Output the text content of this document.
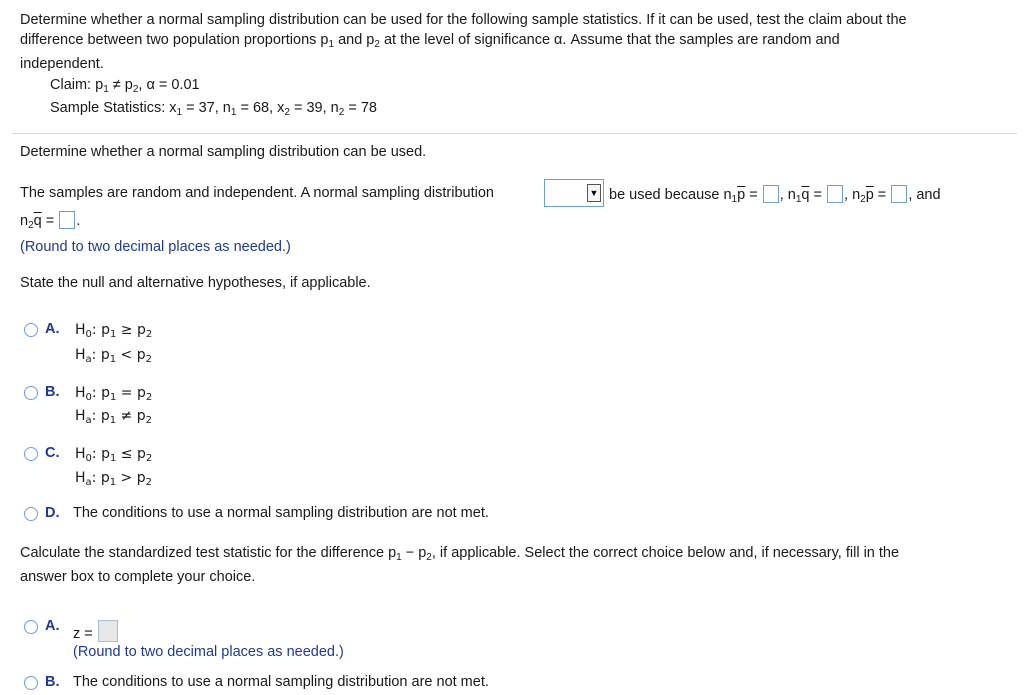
Determine whether a normal sampling distribution can be used for the following sample statistics. If it can be used, test the claim about the
difference between two population proportions $p_1$ and $p_2$ at the level of significance α. Assume that the samples are random and
independent.
Claim: $p_1 \ne p_2$, α = 0.01
Sample Statistics: $x_1 = 37$, $n_1 = 68$, $x_2 = 39$, $n_2 = 78$
Determine whether a normal sampling distribution can be used.
The samples are random and independent. A normal sampling distribution	▼ be used because $n_1\overline{p}$ = , $n_1\overline{q}$ = , $n_2\overline{p}$ = , and
$n_2\overline{q}$ = .
(Round to two decimal places as needed.)
State the null and alternative hypotheses, if applicable.
A. $H_0$: $p_1 \ge p_2$
$H_a$: $p_1 < p_2$
B. $H_0$: $p_1 = p_2$
$H_a$: $p_1 \ne p_2$
C. $H_0$: $p_1 \le p_2$
$H_a$: $p_1 > p_2$
D. The conditions to use a normal sampling distribution are not met.
Calculate the standardized test statistic for the difference $p_1 - p_2$, if applicable. Select the correct choice below and, if necessary, fill in the
answer box to complete your choice.
A. z =
(Round to two decimal places as needed.)
B. The conditions to use a normal sampling distribution are not met.
